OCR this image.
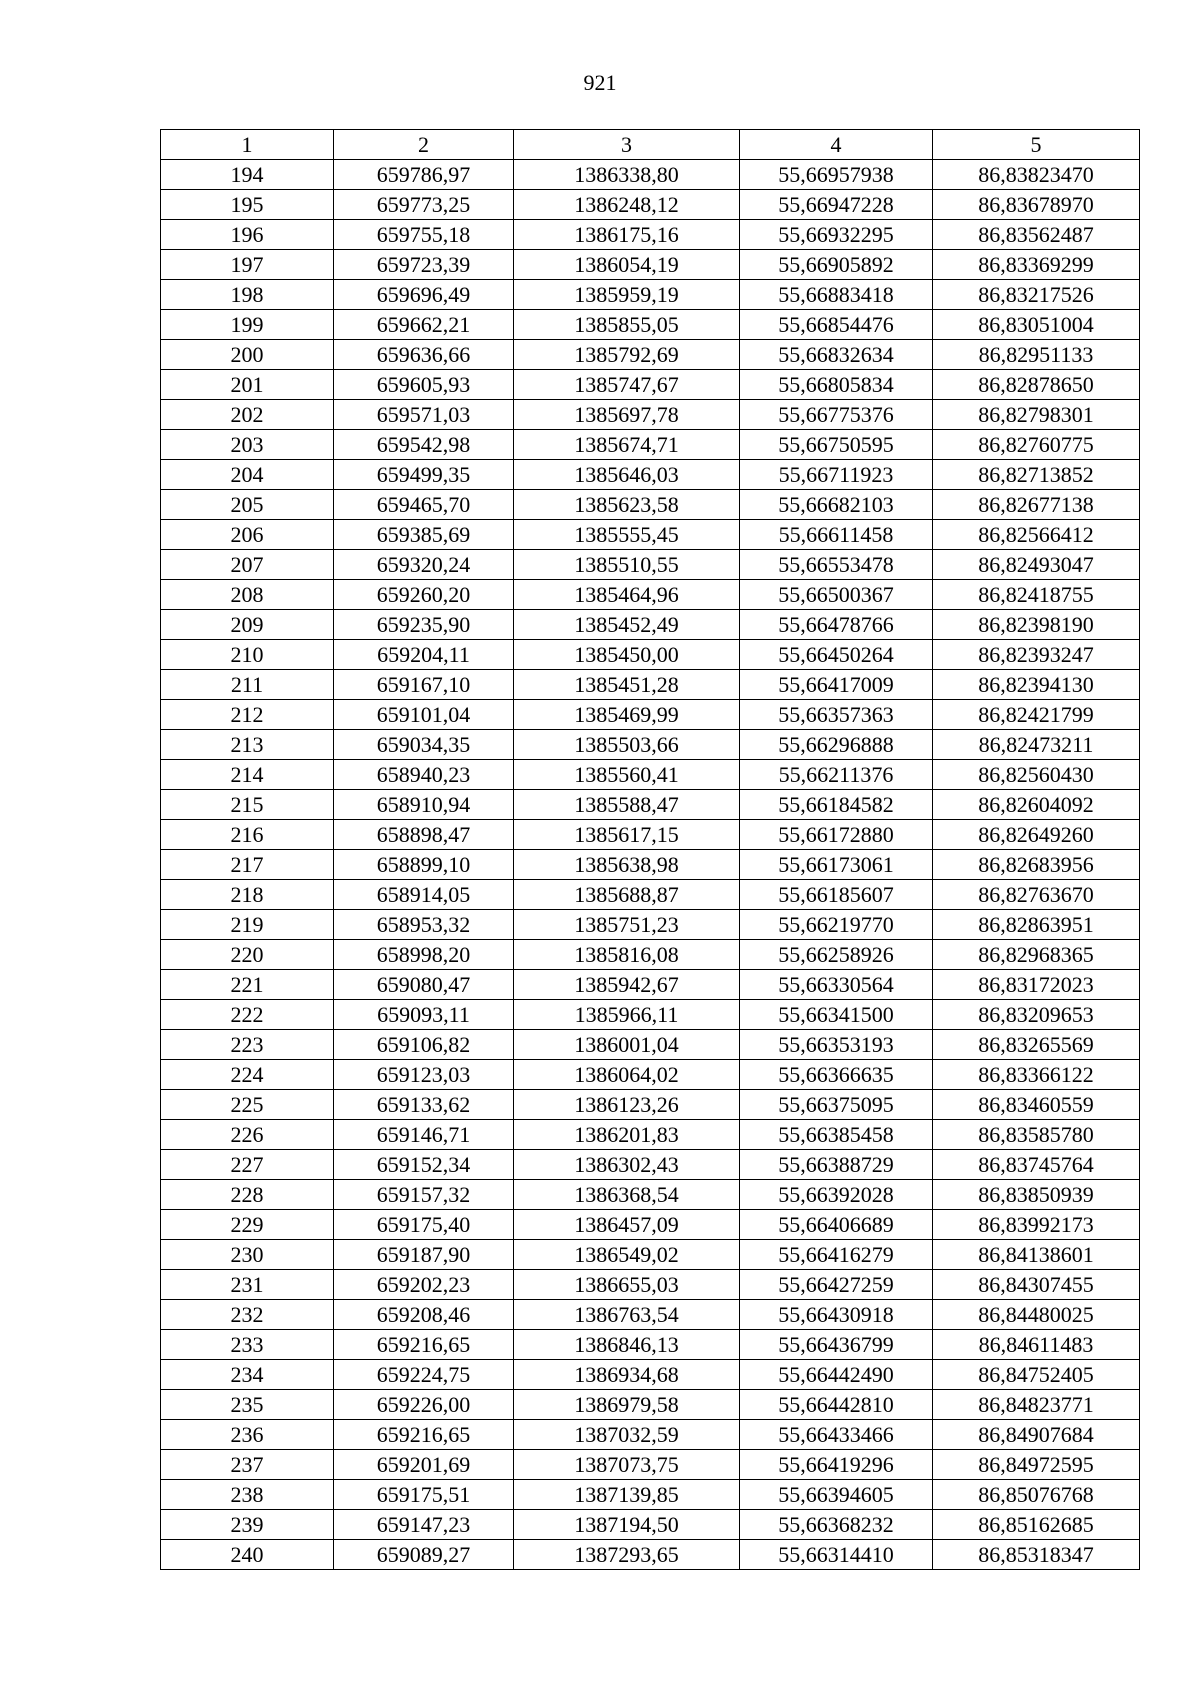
921
1	2	3	4	5
194	659786,97	1386338,80	55,66957938	86,83823470
195	659773,25	1386248,12	55,66947228	86,83678970
196	659755,18	1386175,16	55,66932295	86,83562487
197	659723,39	1386054,19	55,66905892	86,83369299
198	659696,49	1385959,19	55,66883418	86,83217526
199	659662,21	1385855,05	55,66854476	86,83051004
200	659636,66	1385792,69	55,66832634	86,82951133
201	659605,93	1385747,67	55,66805834	86,82878650
202	659571,03	1385697,78	55,66775376	86,82798301
203	659542,98	1385674,71	55,66750595	86,82760775
204	659499,35	1385646,03	55,66711923	86,82713852
205	659465,70	1385623,58	55,66682103	86,82677138
206	659385,69	1385555,45	55,66611458	86,82566412
207	659320,24	1385510,55	55,66553478	86,82493047
208	659260,20	1385464,96	55,66500367	86,82418755
209	659235,90	1385452,49	55,66478766	86,82398190
210	659204,11	1385450,00	55,66450264	86,82393247
211	659167,10	1385451,28	55,66417009	86,82394130
212	659101,04	1385469,99	55,66357363	86,82421799
213	659034,35	1385503,66	55,66296888	86,82473211
214	658940,23	1385560,41	55,66211376	86,82560430
215	658910,94	1385588,47	55,66184582	86,82604092
216	658898,47	1385617,15	55,66172880	86,82649260
217	658899,10	1385638,98	55,66173061	86,82683956
218	658914,05	1385688,87	55,66185607	86,82763670
219	658953,32	1385751,23	55,66219770	86,82863951
220	658998,20	1385816,08	55,66258926	86,82968365
221	659080,47	1385942,67	55,66330564	86,83172023
222	659093,11	1385966,11	55,66341500	86,83209653
223	659106,82	1386001,04	55,66353193	86,83265569
224	659123,03	1386064,02	55,66366635	86,83366122
225	659133,62	1386123,26	55,66375095	86,83460559
226	659146,71	1386201,83	55,66385458	86,83585780
227	659152,34	1386302,43	55,66388729	86,83745764
228	659157,32	1386368,54	55,66392028	86,83850939
229	659175,40	1386457,09	55,66406689	86,83992173
230	659187,90	1386549,02	55,66416279	86,84138601
231	659202,23	1386655,03	55,66427259	86,84307455
232	659208,46	1386763,54	55,66430918	86,84480025
233	659216,65	1386846,13	55,66436799	86,84611483
234	659224,75	1386934,68	55,66442490	86,84752405
235	659226,00	1386979,58	55,66442810	86,84823771
236	659216,65	1387032,59	55,66433466	86,84907684
237	659201,69	1387073,75	55,66419296	86,84972595
238	659175,51	1387139,85	55,66394605	86,85076768
239	659147,23	1387194,50	55,66368232	86,85162685
240	659089,27	1387293,65	55,66314410	86,85318347
